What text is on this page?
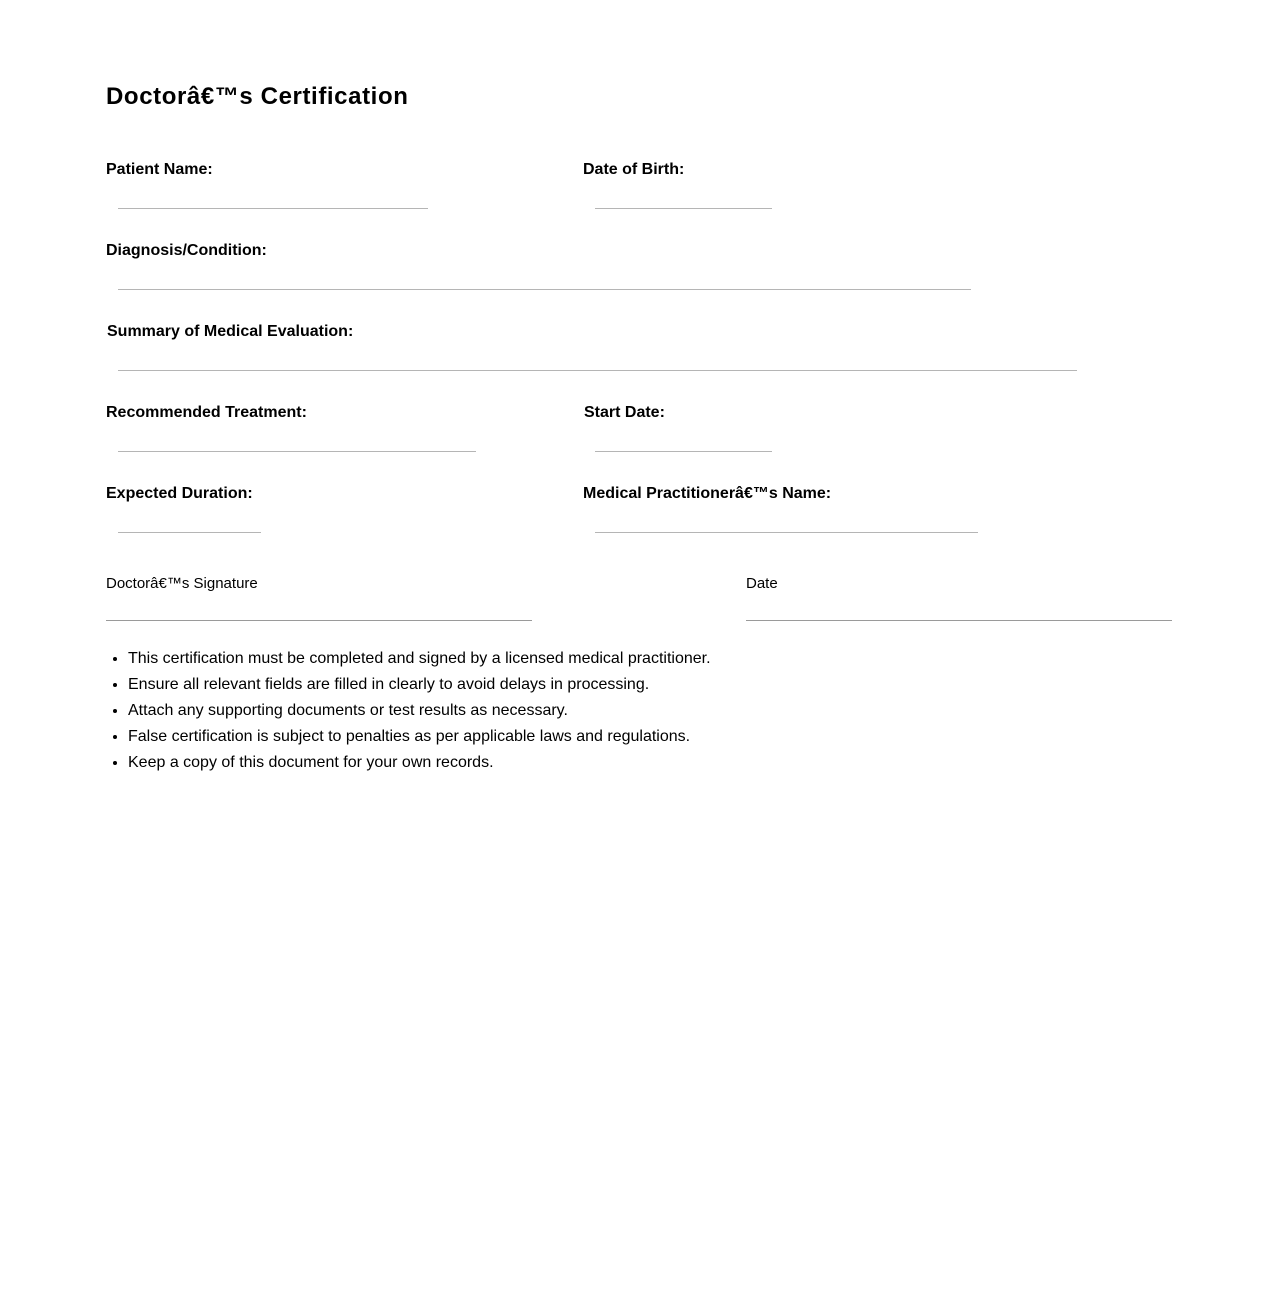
Doctorâ€™s Certification
Patient Name:	Date of Birth:
Diagnosis/Condition:
Summary of Medical Evaluation:
Recommended Treatment:	Start Date:
Expected Duration:	Medical Practitionerâ€™s Name:
Doctorâ€™s Signature	Date
• This certification must be completed and signed by a licensed medical practitioner.
• Ensure all relevant fields are filled in clearly to avoid delays in processing.
• Attach any supporting documents or test results as necessary.
• False certification is subject to penalties as per applicable laws and regulations.
• Keep a copy of this document for your own records.
